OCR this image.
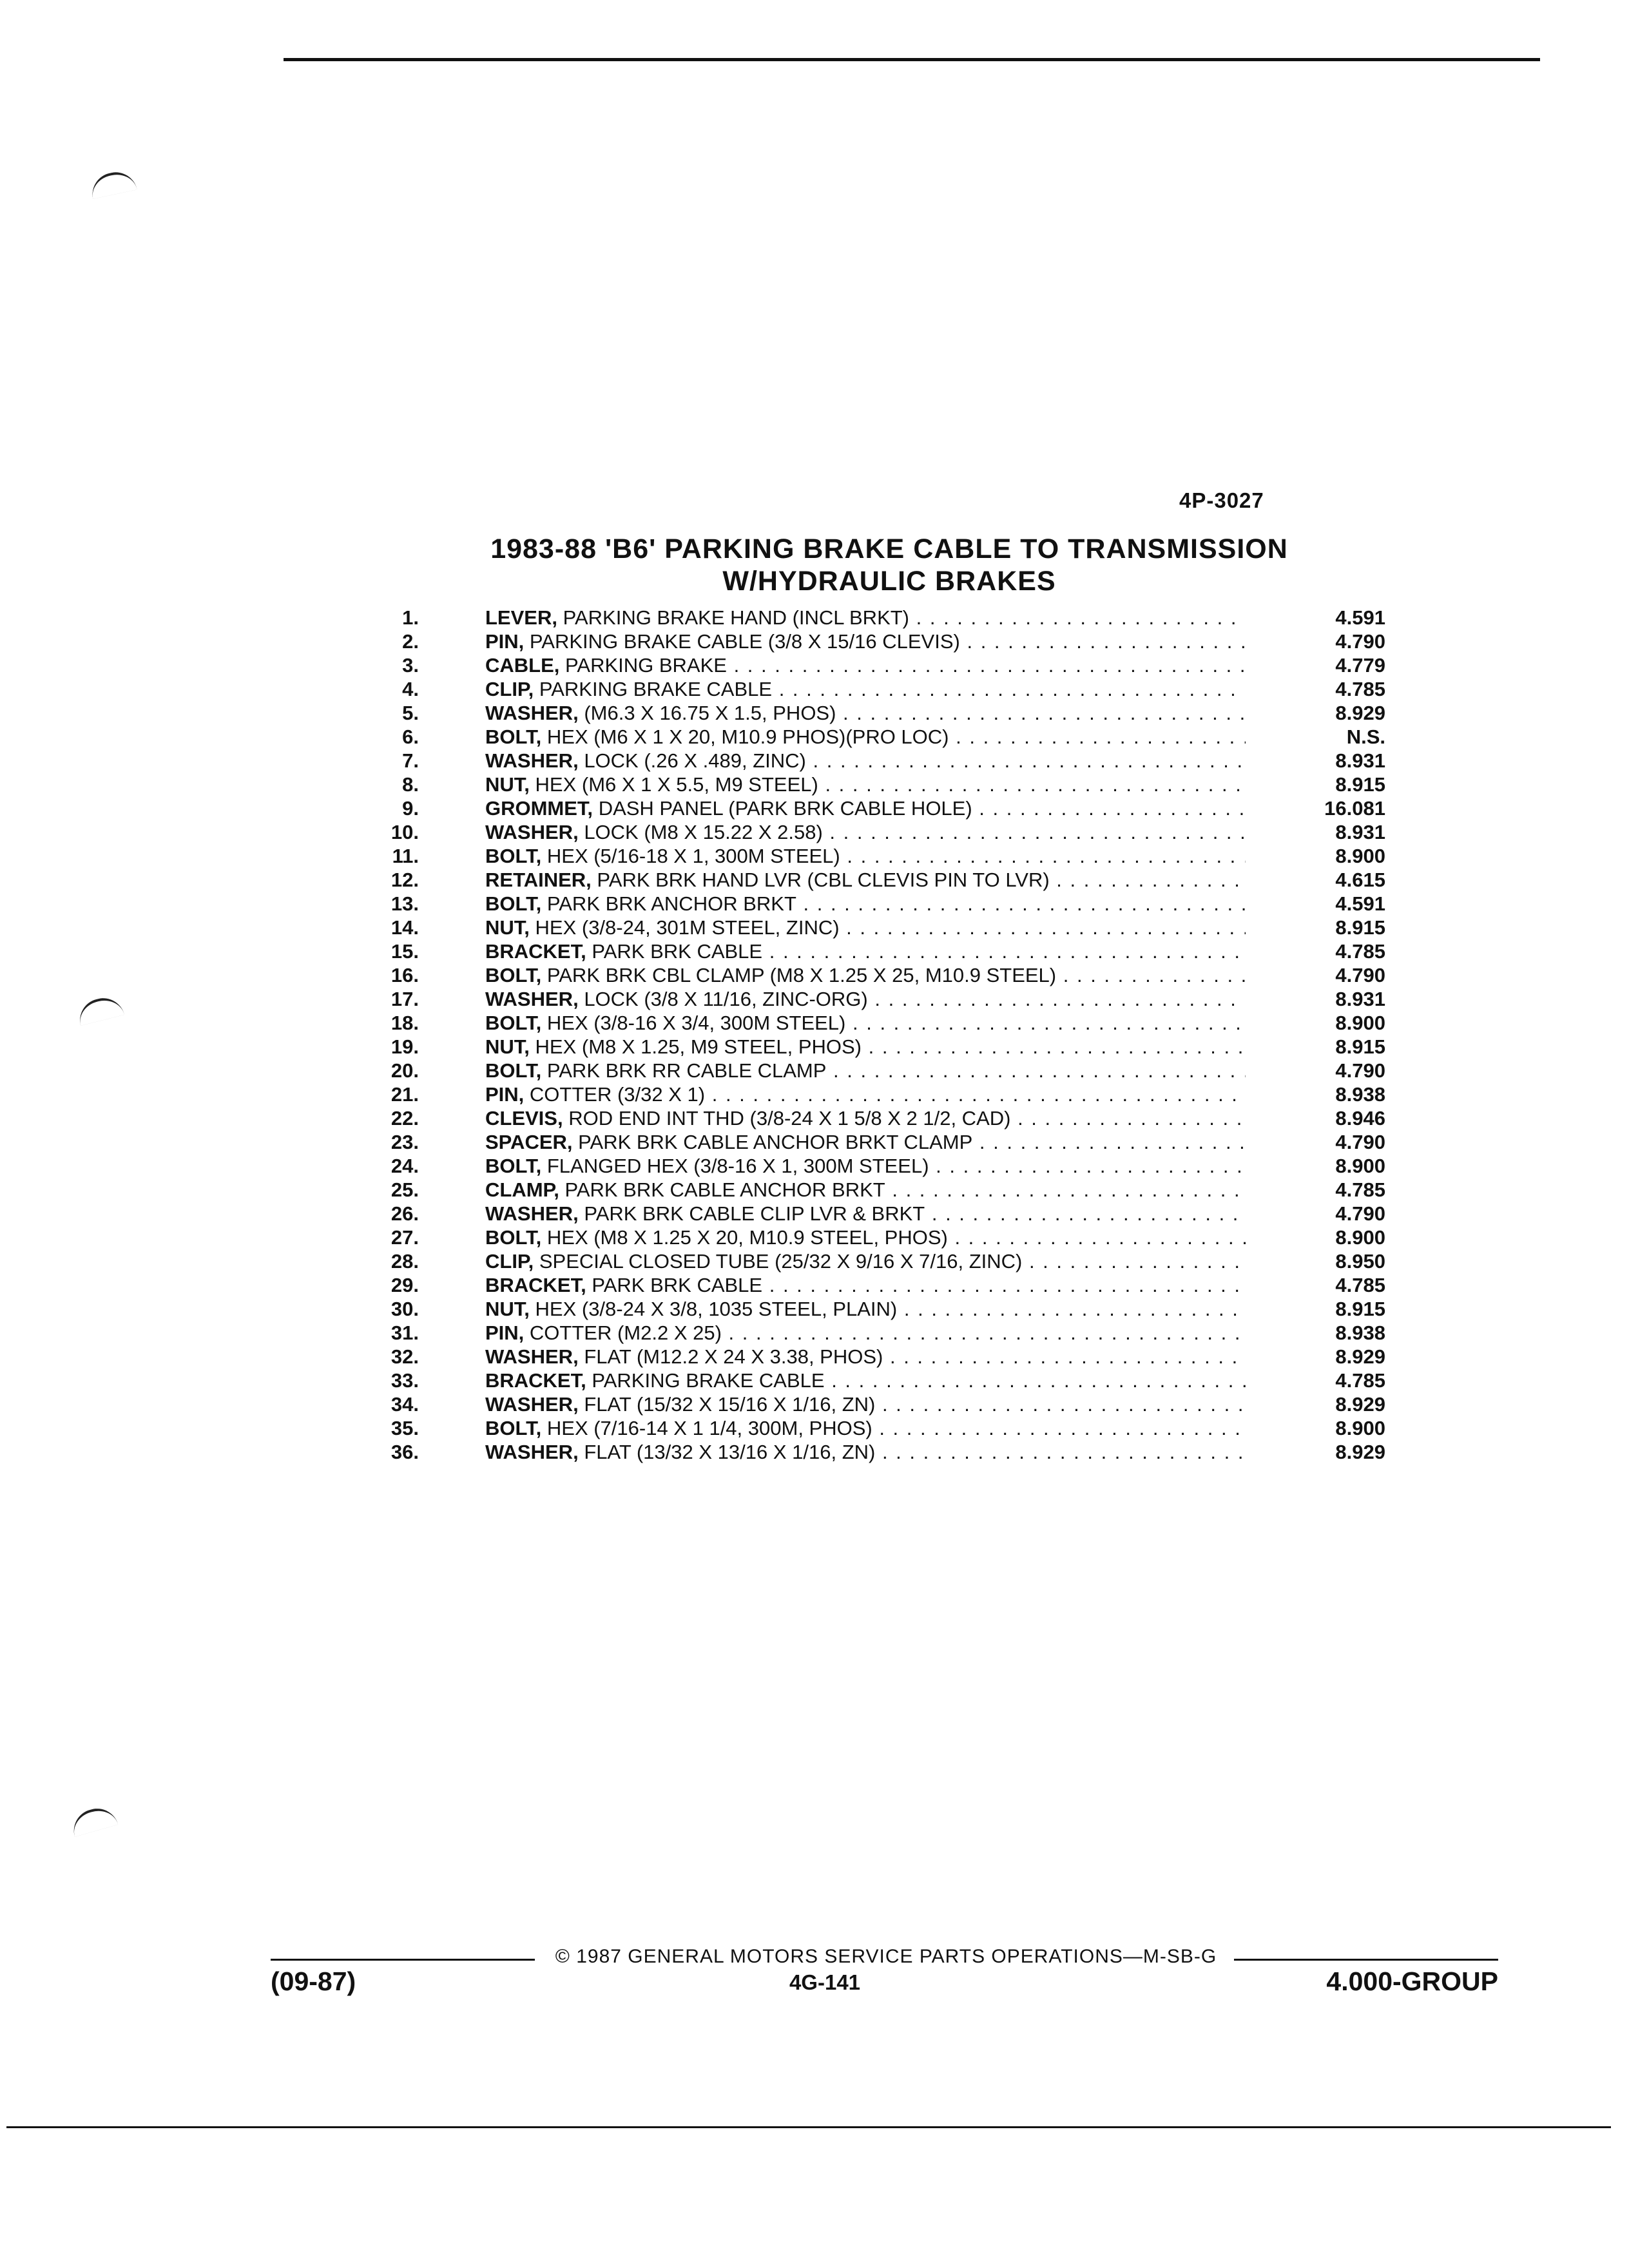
4P-3027
1983-88 'B6' PARKING BRAKE CABLE TO TRANSMISSION
W/HYDRAULIC BRAKES
1.	LEVER, PARKING BRAKE HAND (INCL BRKT) . . .	4.591
2.	PIN, PARKING BRAKE CABLE (3/8 X 15/16 CLEVIS) . . .	4.790
3.	CABLE, PARKING BRAKE . . .	4.779
4.	CLIP, PARKING BRAKE CABLE . . .	4.785
5.	WASHER, (M6.3 X 16.75 X 1.5, PHOS) . . .	8.929
6.	BOLT, HEX (M6 X 1 X 20, M10.9 PHOS)(PRO LOC) . . .	N.S.
7.	WASHER, LOCK (.26 X .489, ZINC) . . .	8.931
8.	NUT, HEX (M6 X 1 X 5.5, M9 STEEL) . . .	8.915
9.	GROMMET, DASH PANEL (PARK BRK CABLE HOLE) . . .	16.081
10.	WASHER, LOCK (M8 X 15.22 X 2.58) . . .	8.931
11.	BOLT, HEX (5/16-18 X 1, 300M STEEL) . . .	8.900
12.	RETAINER, PARK BRK HAND LVR (CBL CLEVIS PIN TO LVR) . . .	4.615
13.	BOLT, PARK BRK ANCHOR BRKT . . .	4.591
14.	NUT, HEX (3/8-24, 301M STEEL, ZINC) . . .	8.915
15.	BRACKET, PARK BRK CABLE . . .	4.785
16.	BOLT, PARK BRK CBL CLAMP (M8 X 1.25 X 25, M10.9 STEEL) . . .	4.790
17.	WASHER, LOCK (3/8 X 11/16, ZINC-ORG) . . .	8.931
18.	BOLT, HEX (3/8-16 X 3/4, 300M STEEL) . . .	8.900
19.	NUT, HEX (M8 X 1.25, M9 STEEL, PHOS) . . .	8.915
20.	BOLT, PARK BRK RR CABLE CLAMP . . .	4.790
21.	PIN, COTTER (3/32 X 1) . . .	8.938
22.	CLEVIS, ROD END INT THD (3/8-24 X 1 5/8 X 2 1/2, CAD) . . .	8.946
23.	SPACER, PARK BRK CABLE ANCHOR BRKT CLAMP . . .	4.790
24.	BOLT, FLANGED HEX (3/8-16 X 1, 300M STEEL) . . .	8.900
25.	CLAMP, PARK BRK CABLE ANCHOR BRKT . . .	4.785
26.	WASHER, PARK BRK CABLE CLIP LVR & BRKT . . .	4.790
27.	BOLT, HEX (M8 X 1.25 X 20, M10.9 STEEL, PHOS) . . .	8.900
28.	CLIP, SPECIAL CLOSED TUBE (25/32 X 9/16 X 7/16, ZINC) . . .	8.950
29.	BRACKET, PARK BRK CABLE . . .	4.785
30.	NUT, HEX (3/8-24 X 3/8, 1035 STEEL, PLAIN) . . .	8.915
31.	PIN, COTTER (M2.2 X 25) . . .	8.938
32.	WASHER, FLAT (M12.2 X 24 X 3.38, PHOS) . . .	8.929
33.	BRACKET, PARKING BRAKE CABLE . . .	4.785
34.	WASHER, FLAT (15/32 X 15/16 X 1/16, ZN) . . .	8.929
35.	BOLT, HEX (7/16-14 X 1 1/4, 300M, PHOS) . . .	8.900
36.	WASHER, FLAT (13/32 X 13/16 X 1/16, ZN) . . .	8.929
© 1987 GENERAL MOTORS SERVICE PARTS OPERATIONS—M-SB-G
(09-87)	4G-141	4.000-GROUP
